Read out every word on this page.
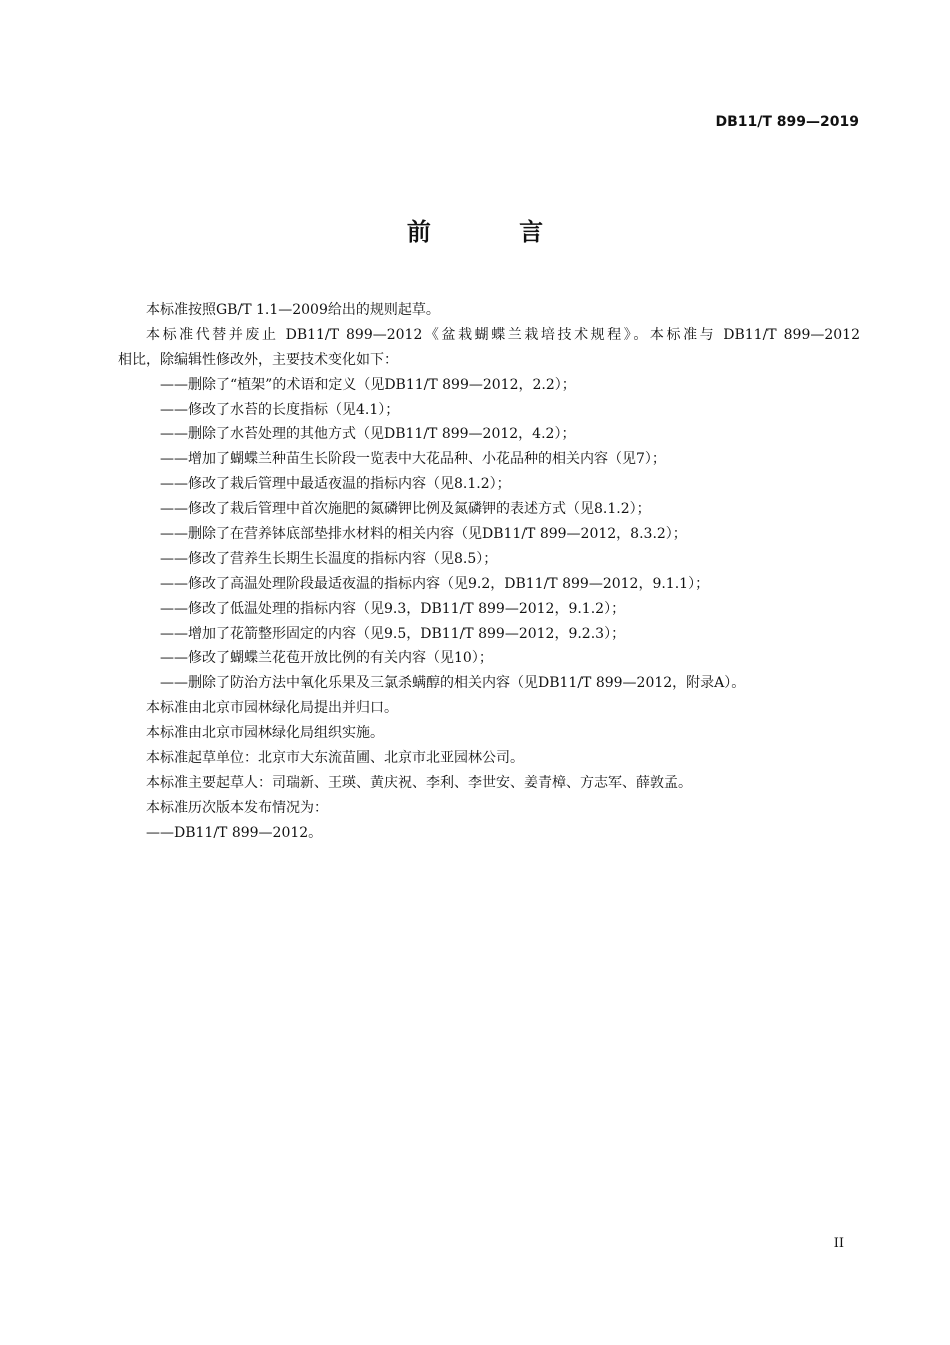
DB11/T 899—2019
前 言
本标准按照GB/T 1.1—2009给出的规则起草。
本标准代替并废止 DB11/T 899—2012《盆栽蝴蝶兰栽培技术规程》。本标准与 DB11/T 899—2012
相比，除编辑性修改外，主要技术变化如下：
——删除了“植架”的术语和定义（见DB11/T 899—2012，2.2）；
——修改了水苔的长度指标（见4.1）；
——删除了水苔处理的其他方式（见DB11/T 899—2012，4.2）；
——增加了蝴蝶兰种苗生长阶段一览表中大花品种、小花品种的相关内容（见7）；
——修改了栽后管理中最适夜温的指标内容（见8.1.2）；
——修改了栽后管理中首次施肥的氮磷钾比例及氮磷钾的表述方式（见8.1.2）；
——删除了在营养钵底部垫排水材料的相关内容（见DB11/T 899—2012，8.3.2）；
——修改了营养生长期生长温度的指标内容（见8.5）；
——修改了高温处理阶段最适夜温的指标内容（见9.2，DB11/T 899—2012，9.1.1）；
——修改了低温处理的指标内容（见9.3，DB11/T 899—2012，9.1.2）；
——增加了花箭整形固定的内容（见9.5，DB11/T 899—2012，9.2.3）；
——修改了蝴蝶兰花苞开放比例的有关内容（见10）；
——删除了防治方法中氧化乐果及三氯杀螨醇的相关内容（见DB11/T 899—2012，附录A）。
本标准由北京市园林绿化局提出并归口。
本标准由北京市园林绿化局组织实施。
本标准起草单位：北京市大东流苗圃、北京市北亚园林公司。
本标准主要起草人：司瑞新、王瑛、黄庆祝、李利、李世安、姜青樟、方志军、薛敦孟。
本标准历次版本发布情况为：
——DB11/T 899—2012。
II
